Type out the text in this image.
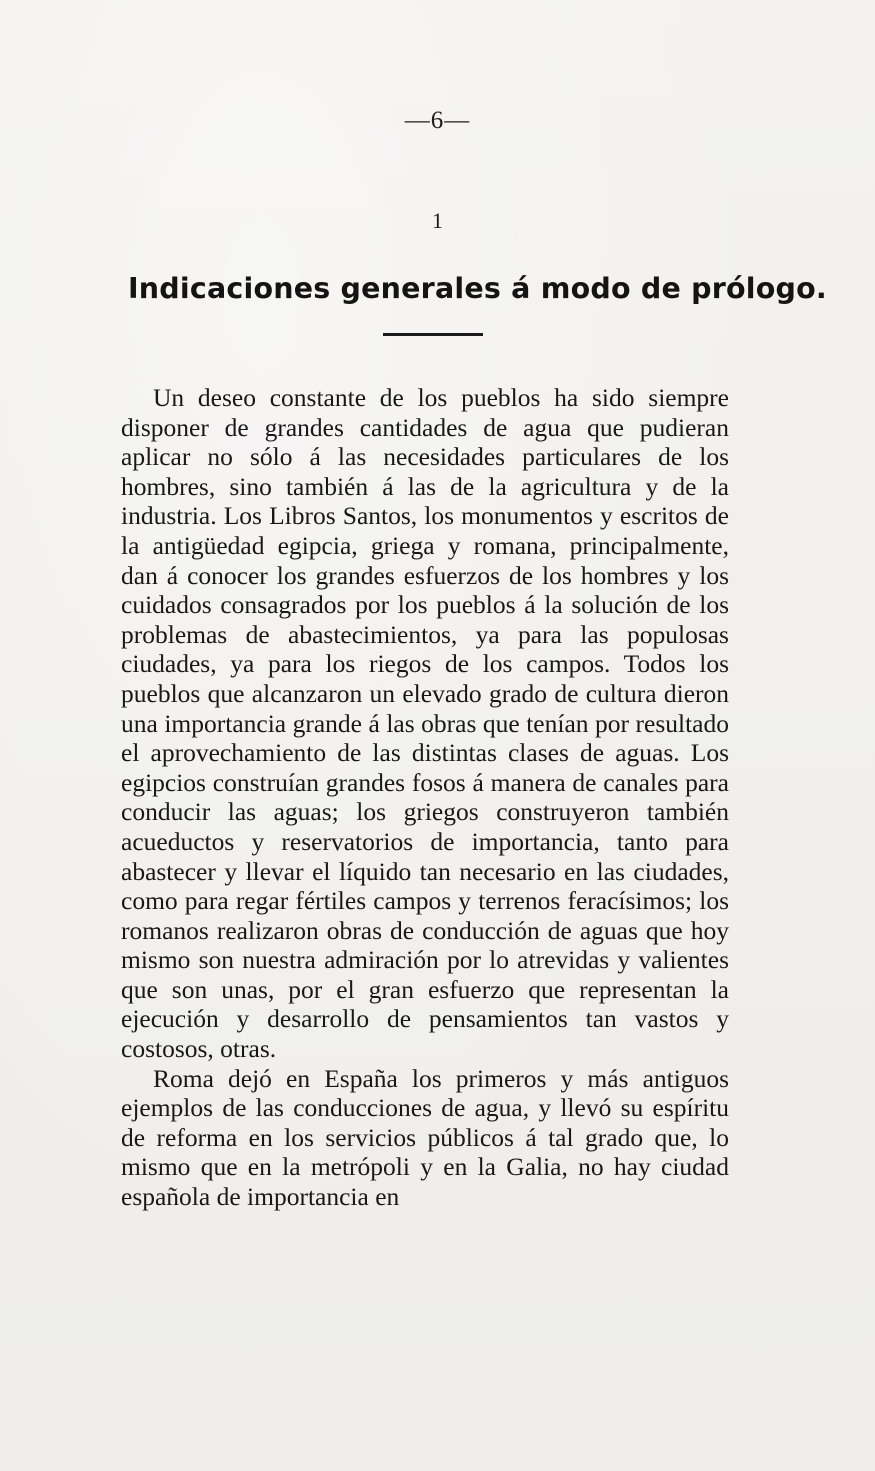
—6—
1
Indicaciones generales á modo de prólogo.

Un deseo constante de los pueblos ha sido siempre disponer de grandes cantidades de agua que pudieran aplicar no sólo á las necesidades particulares de los hombres, sino también á las de la agricultura y de la industria. Los Libros Santos, los monumentos y escritos de la antigüedad egipcia, griega y romana, principalmente, dan á conocer los grandes esfuerzos de los hombres y los cuidados consagrados por los pueblos á la solución de los problemas de abastecimientos, ya para las populosas ciudades, ya para los riegos de los campos. Todos los pueblos que alcanzaron un elevado grado de cultura dieron una importancia grande á las obras que tenían por resultado el aprovechamiento de las distintas clases de aguas. Los egipcios construían grandes fosos á manera de canales para conducir las aguas; los griegos construyeron también acueductos y reservatorios de importancia, tanto para abastecer y llevar el líquido tan necesario en las ciudades, como para regar fértiles campos y terrenos feracísimos; los romanos realizaron obras de conducción de aguas que hoy mismo son nuestra admiración por lo atrevidas y valientes que son unas, por el gran esfuerzo que representan la ejecución y desarrollo de pensamientos tan vastos y costosos, otras.

Roma dejó en España los primeros y más antiguos ejemplos de las conducciones de agua, y llevó su espíritu de reforma en los servicios públicos á tal grado que, lo mismo que en la metrópoli y en la Galia, no hay ciudad española de importancia en
